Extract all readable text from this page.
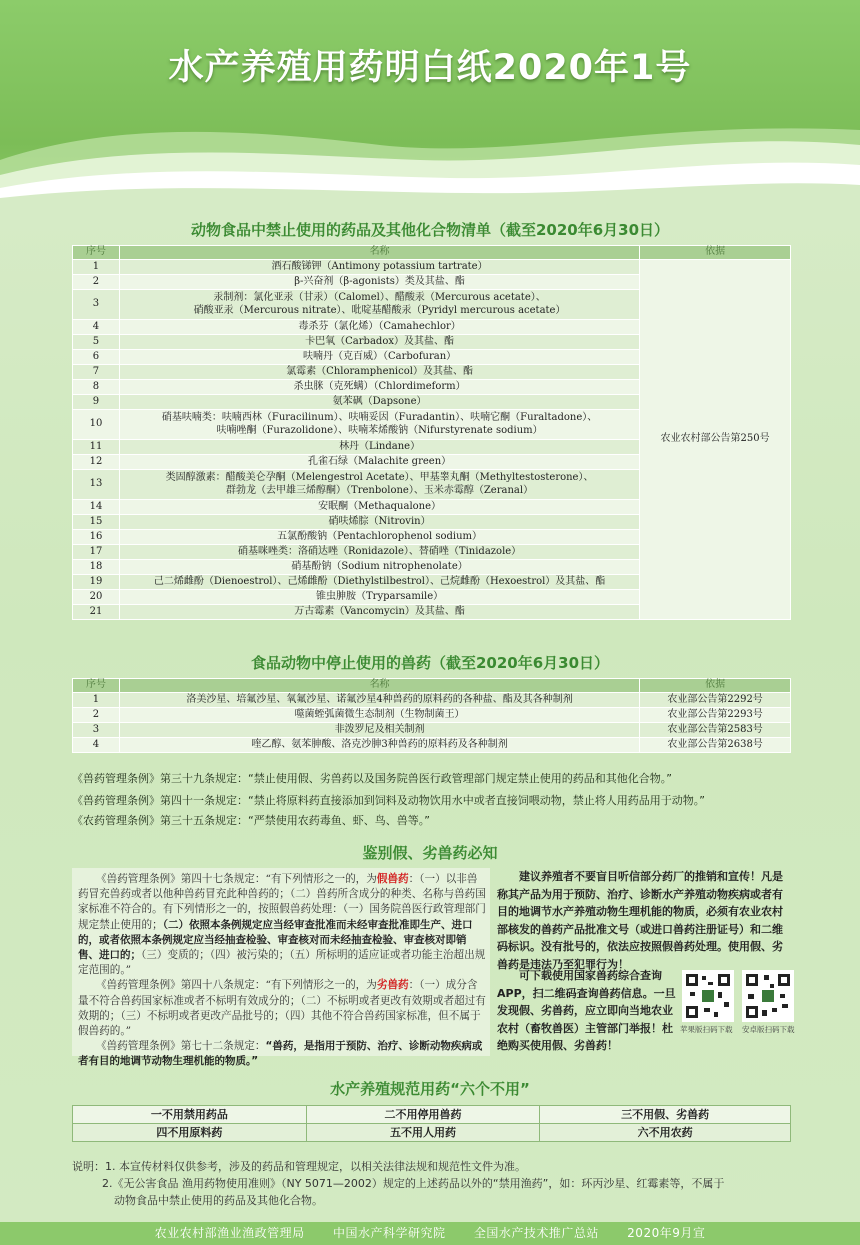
水产养殖用药明白纸2020年1号
动物食品中禁止使用的药品及其他化合物清单（截至2020年6月30日）
序号	名称	依据
1	酒石酸锑钾（Antimony potassium tartrate）	农业农村部公告第250号
2	β-兴奋剂（β-agonists）类及其盐、酯	

3	汞制剂：氯化亚汞（甘汞）（Calomel）、醋酸汞（Mercurous acetate）、
硝酸亚汞（Mercurous nitrate）、吡啶基醋酸汞（Pyridyl mercurous acetate）	

4	毒杀芬（氯化烯）（Camahechlor）	

5	卡巴氧（Carbadox）及其盐、酯	

6	呋喃丹（克百威）（Carbofuran）	

7	氯霉素（Chloramphenicol）及其盐、酯	

8	杀虫脒（克死螨）（Chlordimeform）	

9	氨苯砜（Dapsone）	

10	硝基呋喃类：呋喃西林（Furacilinum）、呋喃妥因（Furadantin）、呋喃它酮（Furaltadone）、
呋喃唑酮（Furazolidone）、呋喃苯烯酸钠（Nifurstyrenate sodium）	

11	林丹（Lindane）	

12	孔雀石绿（Malachite green）	

13	类固醇激素：醋酸美仑孕酮（Melengestrol Acetate）、甲基睾丸酮（Methyltestosterone）、
群勃龙（去甲雄三烯醇酮）（Trenbolone）、玉米赤霉醇（Zeranal）	

14	安眠酮（Methaqualone）	

15	硝呋烯腙（Nitrovin）	

16	五氯酚酸钠（Pentachlorophenol sodium）	

17	硝基咪唑类：洛硝达唑（Ronidazole）、替硝唑（Tinidazole）	

18	硝基酚钠（Sodium nitrophenolate）	

19	己二烯雌酚（Dienoestrol）、己烯雌酚（Diethylstilbestrol）、己烷雌酚（Hexoestrol）及其盐、酯	

20	锥虫胂胺（Tryparsamile）	

21	万古霉素（Vancomycin）及其盐、酯	
食品动物中停止使用的兽药（截至2020年6月30日）
序号	名称	依据
1	洛美沙星、培氟沙星、氧氟沙星、诺氟沙星4种兽药的原料药的各种盐、酯及其各种制剂	农业部公告第2292号
2	噬菌蛭弧菌微生态制剂（生物制菌王）	农业部公告第2293号
3	非泼罗尼及相关制剂	农业部公告第2583号
4	喹乙醇、氨苯胂酸、洛克沙胂3种兽药的原料药及各种制剂	农业部公告第2638号
《兽药管理条例》第三十九条规定：“禁止使用假、劣兽药以及国务院兽医行政管理部门规定禁止使用的药品和其他化合物。”
《兽药管理条例》第四十一条规定：“禁止将原料药直接添加到饲料及动物饮用水中或者直接饲喂动物，禁止将人用药品用于动物。”
《农药管理条例》第三十五条规定：“严禁使用农药毒鱼、虾、鸟、兽等。”
鉴别假、劣兽药必知

《兽药管理条例》第四十七条规定：“有下列情形之一的，为假兽药：（一）以非兽药冒充兽药或者以他种兽药冒充此种兽药的；（二）兽药所含成分的种类、名称与兽药国家标准不符合的。有下列情形之一的，按照假兽药处理：（一）国务院兽医行政管理部门规定禁止使用的；（二）依照本条例规定应当经审查批准而未经审查批准即生产、进口的，或者依照本条例规定应当经抽查检验、审查核对而未经抽查检验、审查核对即销售、进口的；（三）变质的；（四）被污染的；（五）所标明的适应证或者功能主治超出规定范围的。”

《兽药管理条例》第四十八条规定：“有下列情形之一的，为劣兽药：（一）成分含量不符合兽药国家标准或者不标明有效成分的；（二）不标明或者更改有效期或者超过有效期的；（三）不标明或者更改产品批号的；（四）其他不符合兽药国家标准，但不属于假兽药的。”

《兽药管理条例》第七十二条规定：“兽药，是指用于预防、治疗、诊断动物疾病或者有目的地调节动物生理机能的物质。”

建议养殖者不要盲目听信部分药厂的推销和宣传！凡是称其产品为用于预防、治疗、诊断水产养殖动物疾病或者有目的地调节水产养殖动物生理机能的物质，必须有农业农村部核发的兽药产品批准文号（或进口兽药注册证号）和二维码标识。没有批号的，依法应按照假兽药处理。使用假、劣兽药是违法乃至犯罪行为！

可下载使用国家兽药综合查询APP，扫二维码查询兽药信息。一旦发现假、劣兽药，应立即向当地农业农村（畜牧兽医）主管部门举报！杜绝购买使用假、劣兽药！

苹果版扫码下载 安卓版扫码下载
水产养殖规范用药“六个不用”
一不用禁用药品	二不用停用兽药	三不用假、劣兽药
四不用原料药	五不用人用药	六不用农药
说明：1. 本宣传材料仅供参考，涉及的药品和管理规定，以相关法律法规和规范性文件为准。
2.《无公害食品 渔用药物使用准则》（NY 5071—2002）规定的上述药品以外的“禁用渔药”，如：环丙沙星、红霉素等，不属于
动物食品中禁止使用的药品及其他化合物。
农业农村部渔业渔政管理局 中国水产科学研究院 全国水产技术推广总站 2020年9月宣
